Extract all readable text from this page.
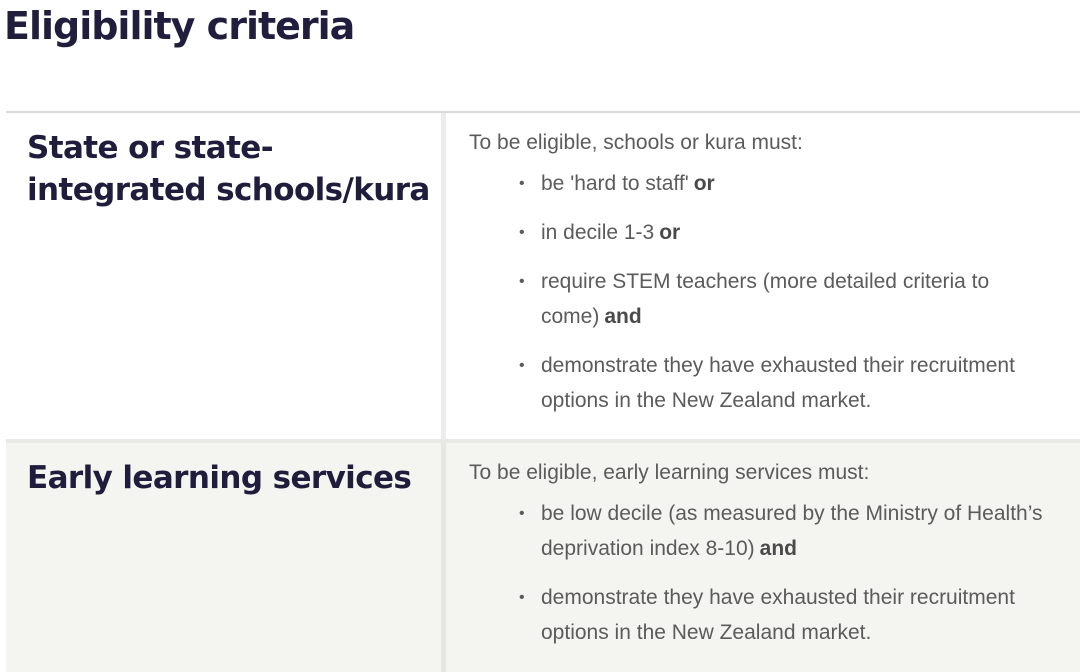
Eligibility criteria
State or state-integrated schools/kura

To be eligible, schools or kura must:

• be 'hard to staff' or
• in decile 1-3 or
• require STEM teachers (more detailed criteria to come) and
• demonstrate they have exhausted their recruitment options in the New Zealand market.
Early learning services	To be eligible, early learning services must:

• be low decile (as measured by the Ministry of Health’s deprivation index 8-10) and
• demonstrate they have exhausted their recruitment options in the New Zealand market.
